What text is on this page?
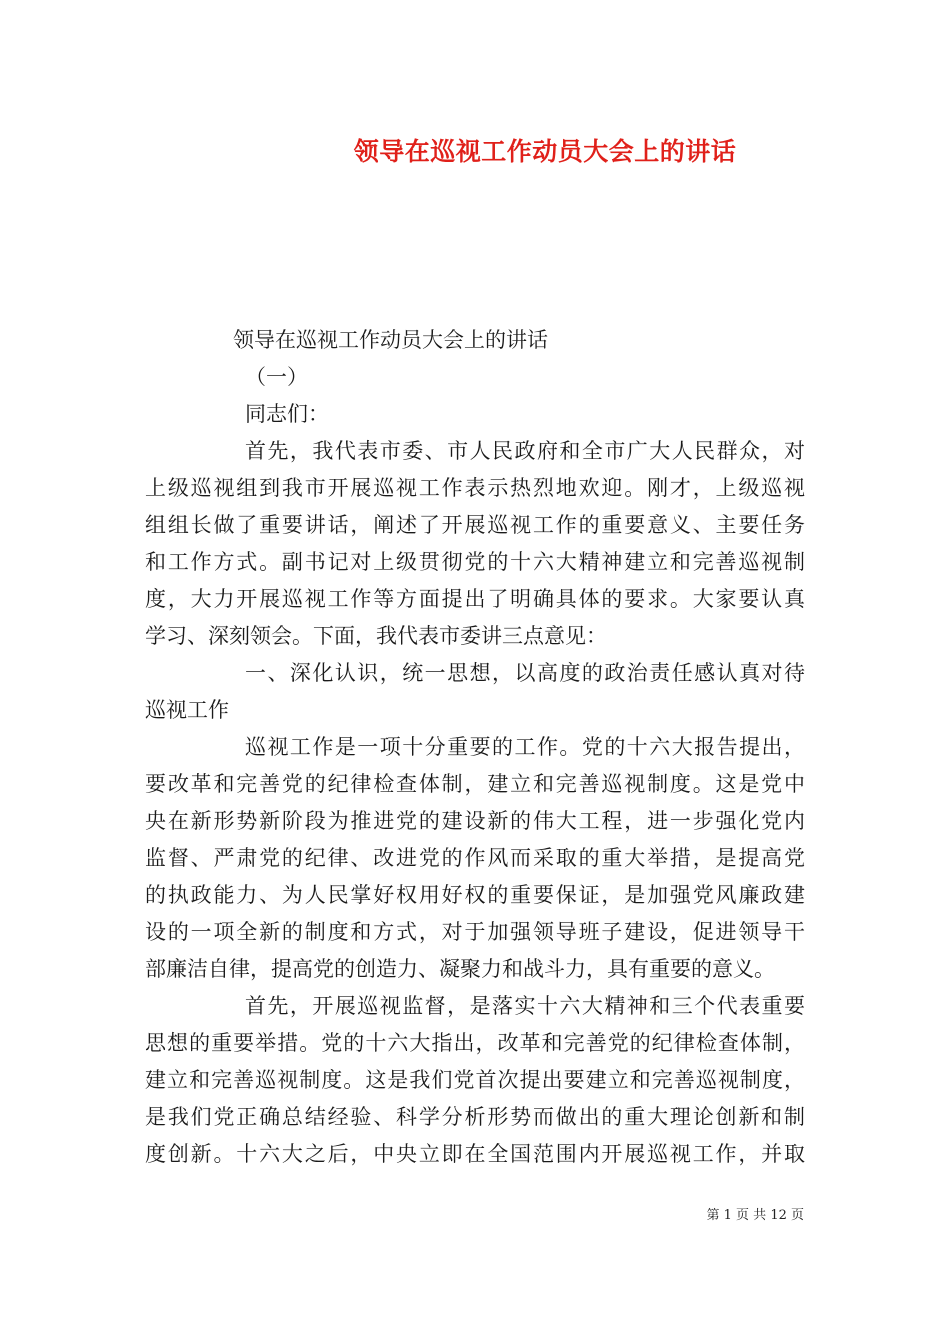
领导在巡视工作动员大会上的讲话
领导在巡视工作动员大会上的讲话
（一）
同志们：
首先，我代表市委、市人民政府和全市广大人民群众，对
上级巡视组到我市开展巡视工作表示热烈地欢迎。刚才，上级巡视
组组长做了重要讲话，阐述了开展巡视工作的重要意义、主要任务
和工作方式。副书记对上级贯彻党的十六大精神建立和完善巡视制
度，大力开展巡视工作等方面提出了明确具体的要求。大家要认真
学习、深刻领会。下面，我代表市委讲三点意见：
一、深化认识，统一思想，以高度的政治责任感认真对待
巡视工作
巡视工作是一项十分重要的工作。党的十六大报告提出，
要改革和完善党的纪律检查体制，建立和完善巡视制度。这是党中
央在新形势新阶段为推进党的建设新的伟大工程，进一步强化党内
监督、严肃党的纪律、改进党的作风而采取的重大举措，是提高党
的执政能力、为人民掌好权用好权的重要保证，是加强党风廉政建
设的一项全新的制度和方式，对于加强领导班子建设，促进领导干
部廉洁自律，提高党的创造力、凝聚力和战斗力，具有重要的意义。
首先，开展巡视监督，是落实十六大精神和三个代表重要
思想的重要举措。党的十六大指出，改革和完善党的纪律检查体制，
建立和完善巡视制度。这是我们党首次提出要建立和完善巡视制度，
是我们党正确总结经验、科学分析形势而做出的重大理论创新和制
度创新。十六大之后，中央立即在全国范围内开展巡视工作，并取
第 1 页 共 12 页
